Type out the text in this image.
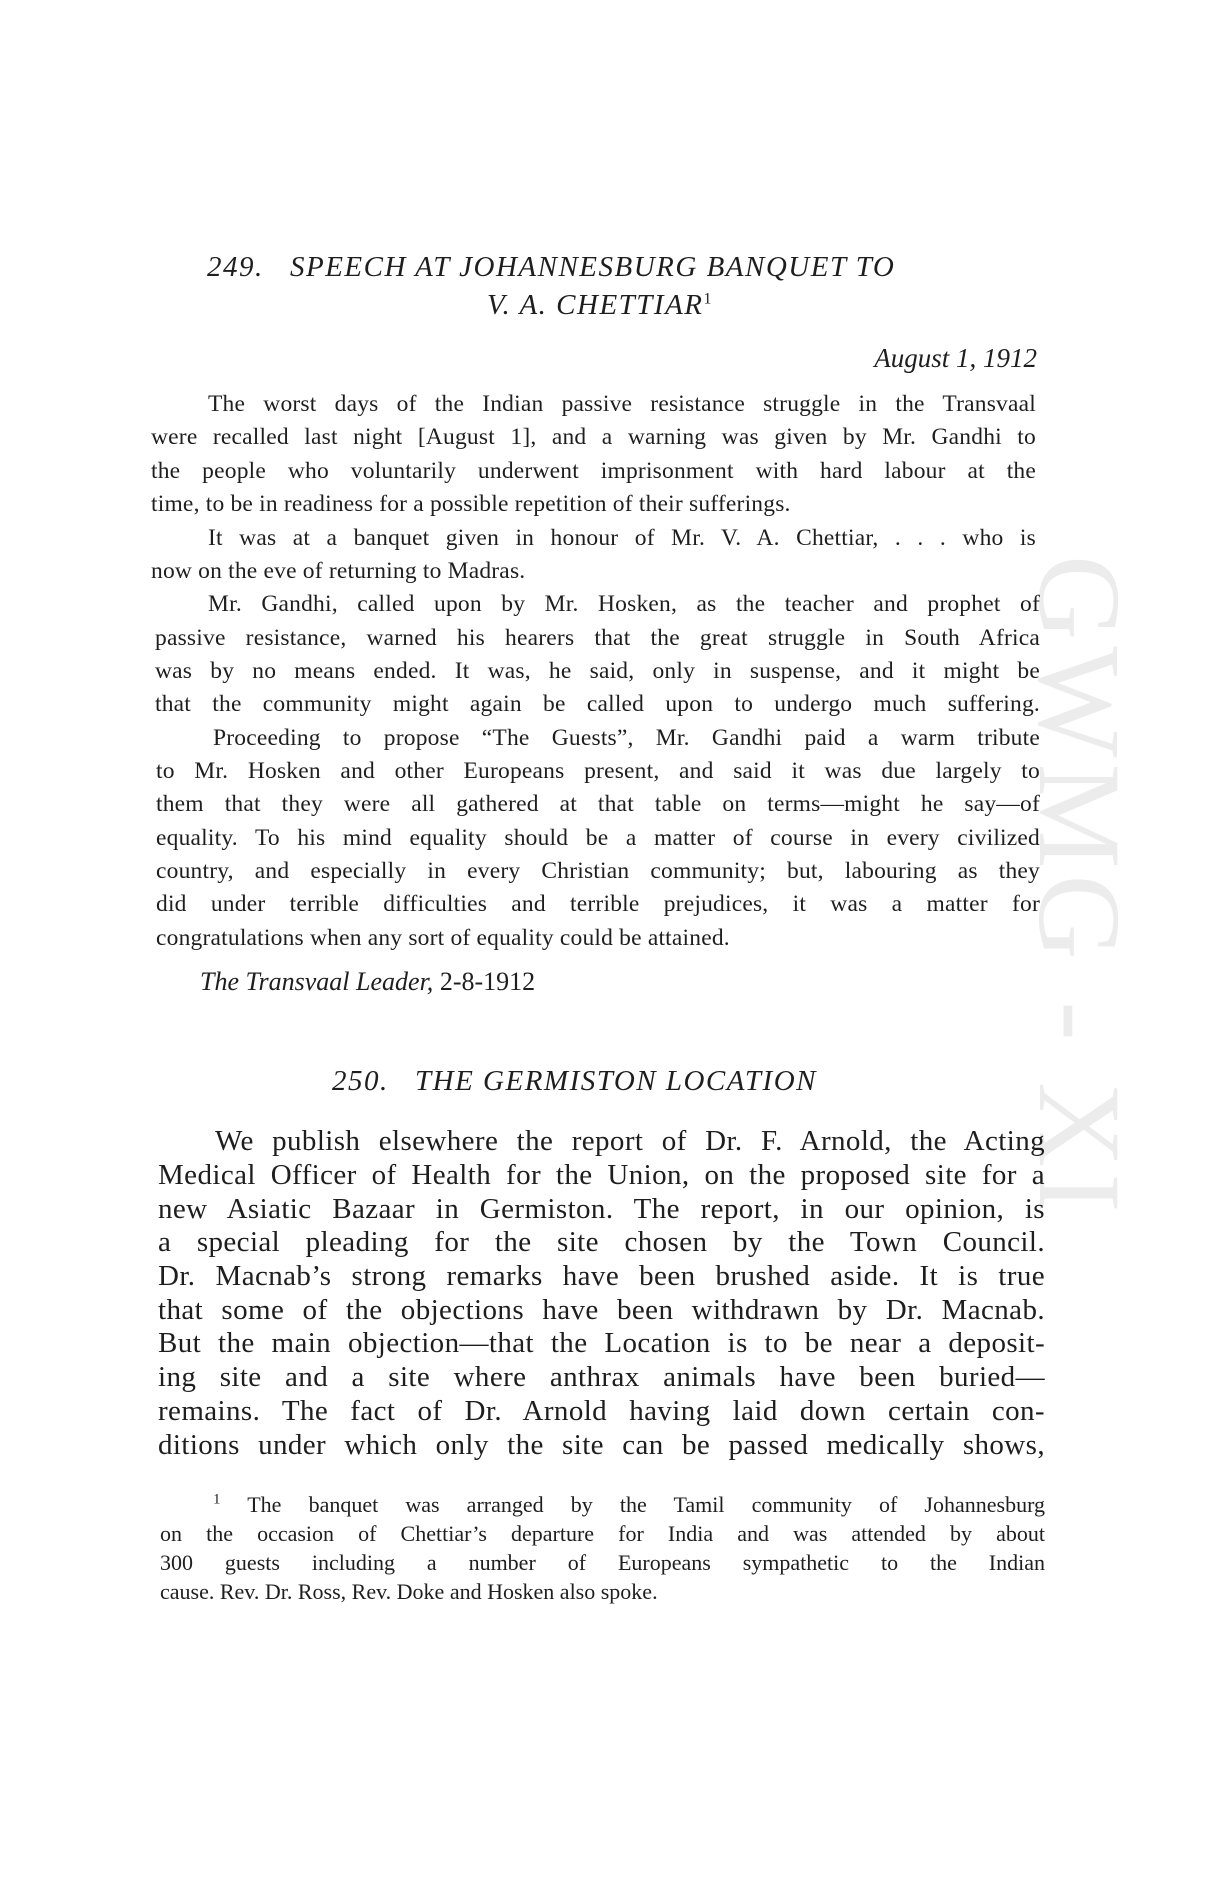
GWMG - XI
249. SPEECH AT JOHANNESBURG BANQUET TO
V. A. CHETTIAR$^1$
August 1, 1912
The worst days of the Indian passive resistance struggle in the Transvaal
were recalled last night [August 1], and a warning was given by Mr. Gandhi to
the people who voluntarily underwent imprisonment with hard labour at the
time, to be in readiness for a possible repetition of their sufferings.
It was at a banquet given in honour of Mr. V. A. Chettiar, . . . who is
now on the eve of returning to Madras.
Mr. Gandhi, called upon by Mr. Hosken, as the teacher and prophet of
passive resistance, warned his hearers that the great struggle in South Africa
was by no means ended. It was, he said, only in suspense, and it might be
that the community might again be called upon to undergo much suffering.
Proceeding to propose “The Guests”, Mr. Gandhi paid a warm tribute
to Mr. Hosken and other Europeans present, and said it was due largely to
them that they were all gathered at that table on terms—might he say—of
equality. To his mind equality should be a matter of course in every civilized
country, and especially in every Christian community; but, labouring as they
did under terrible difficulties and terrible prejudices, it was a matter for
congratulations when any sort of equality could be attained.
The Transvaal Leader, 2-8-1912
250. THE GERMISTON LOCATION
We publish elsewhere the report of Dr. F. Arnold, the Acting
Medical Officer of Health for the Union, on the proposed site for a
new Asiatic Bazaar in Germiston. The report, in our opinion, is
a special pleading for the site chosen by the Town Council.
Dr. Macnab’s strong remarks have been brushed aside. It is true
that some of the objections have been withdrawn by Dr. Macnab.
But the main objection—that the Location is to be near a deposit-
ing site and a site where anthrax animals have been buried—
remains. The fact of Dr. Arnold having laid down certain con-
ditions under which only the site can be passed medically shows,
$^1$ The banquet was arranged by the Tamil community of Johannesburg
on the occasion of Chettiar’s departure for India and was attended by about
300 guests including a number of Europeans sympathetic to the Indian
cause. Rev. Dr. Ross, Rev. Doke and Hosken also spoke.
